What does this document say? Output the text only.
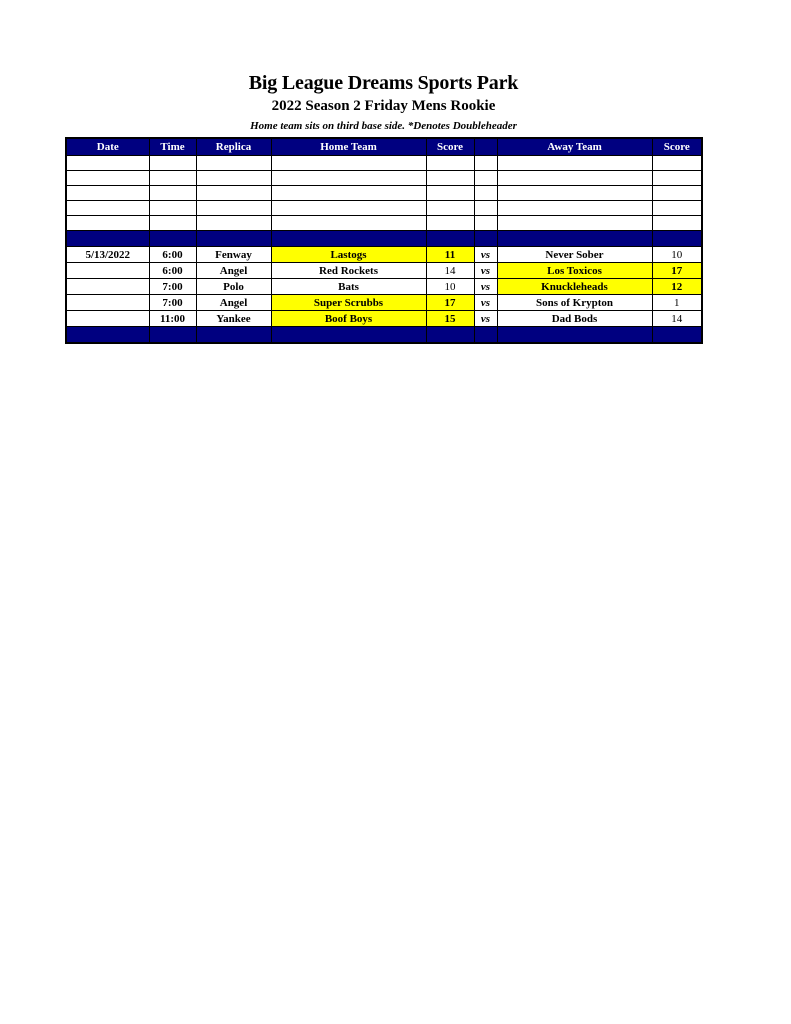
Big League Dreams Sports Park
2022 Season 2 Friday Mens Rookie
Home team sits on third base side. *Denotes Doubleheader
Date	Time	Replica	Home Team	Score		Away Team	Score

5/13/2022	6:00	Fenway	Lastogs	11	vs	Never Sober	10
	6:00	Angel	Red Rockets	14	vs	Los Toxicos	17
	7:00	Polo	Bats	10	vs	Knuckleheads	12
	7:00	Angel	Super Scrubbs	17	vs	Sons of Krypton	1
	11:00	Yankee	Boof Boys	15	vs	Dad Bods	14
